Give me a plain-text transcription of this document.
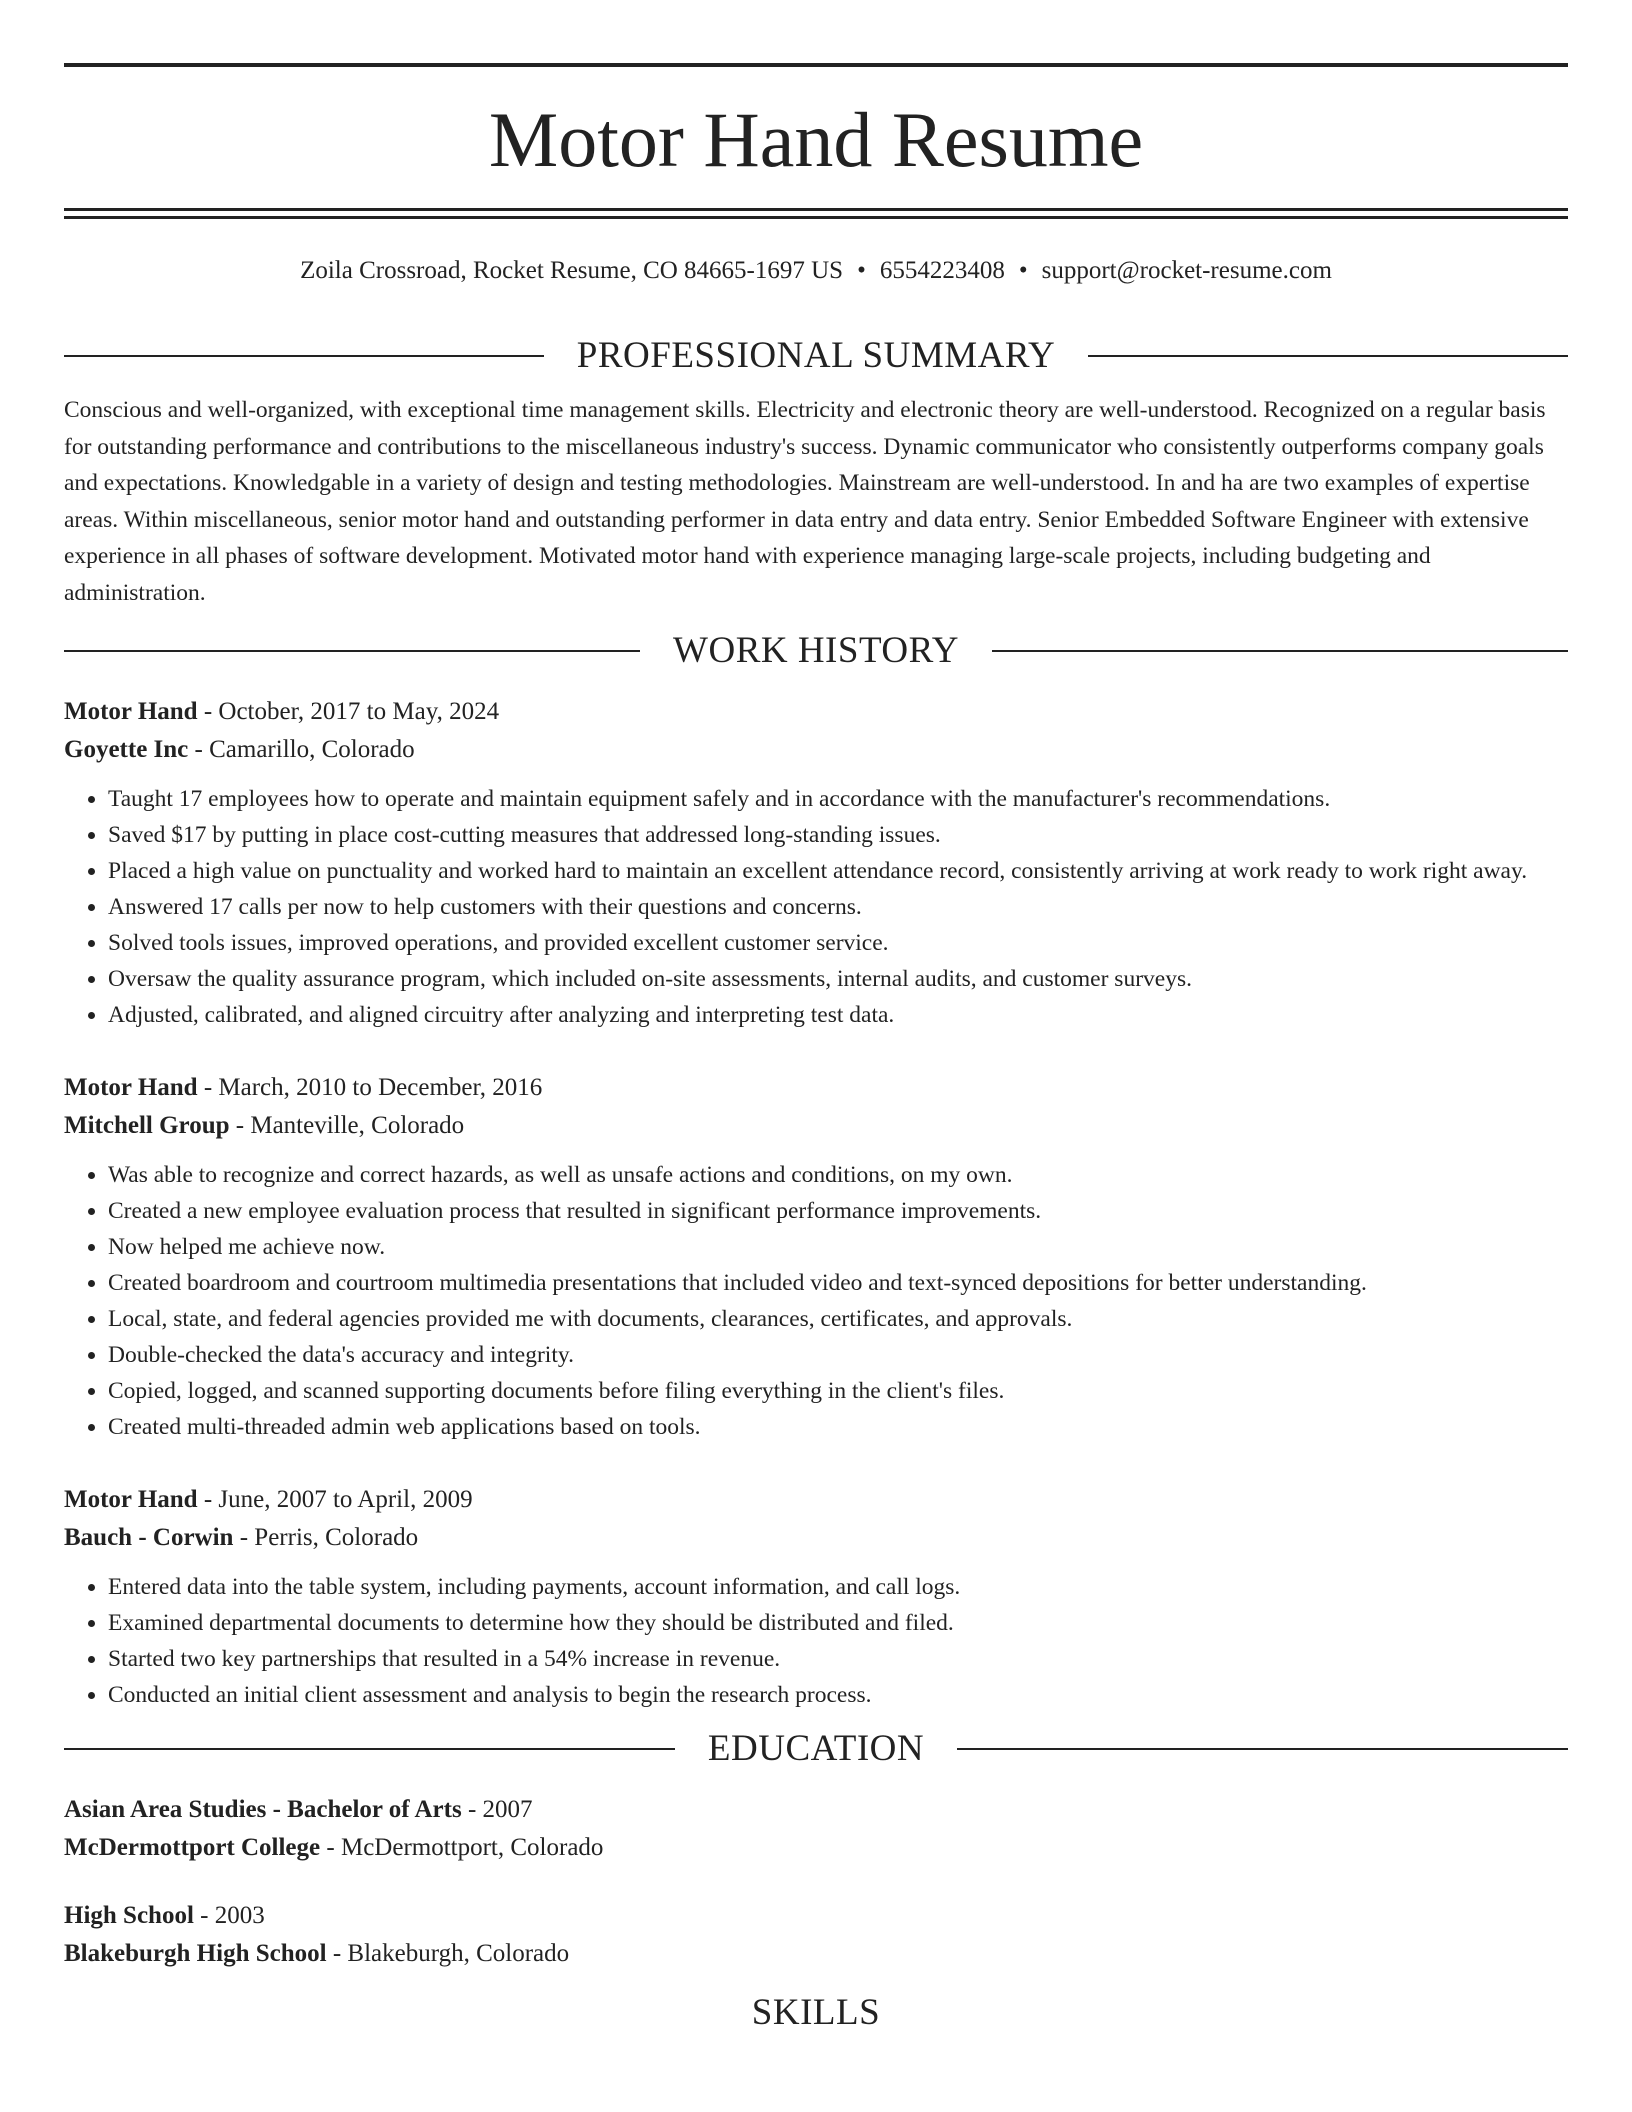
Motor Hand Resume
Zoila Crossroad, Rocket Resume, CO 84665-1697 US • 6554223408 • support@rocket-resume.com
PROFESSIONAL SUMMARY

Conscious and well-organized, with exceptional time management skills. Electricity and electronic theory are well-understood. Recognized on a regular basis for outstanding performance and contributions to the miscellaneous industry's success. Dynamic communicator who consistently outperforms company goals and expectations. Knowledgable in a variety of design and testing methodologies. Mainstream are well-understood. In and ha are two examples of expertise areas. Within miscellaneous, senior motor hand and outstanding performer in data entry and data entry. Senior Embedded Software Engineer with extensive experience in all phases of software development. Motivated motor hand with experience managing large-scale projects, including budgeting and administration.

WORK HISTORY
Motor Hand - October, 2017 to May, 2024
Goyette Inc - Camarillo, Colorado
• Taught 17 employees how to operate and maintain equipment safely and in accordance with the manufacturer's recommendations.
• Saved $17 by putting in place cost-cutting measures that addressed long-standing issues.
• Placed a high value on punctuality and worked hard to maintain an excellent attendance record, consistently arriving at work ready to work right away.
• Answered 17 calls per now to help customers with their questions and concerns.
• Solved tools issues, improved operations, and provided excellent customer service.
• Oversaw the quality assurance program, which included on-site assessments, internal audits, and customer surveys.
• Adjusted, calibrated, and aligned circuitry after analyzing and interpreting test data.
Motor Hand - March, 2010 to December, 2016
Mitchell Group - Manteville, Colorado
• Was able to recognize and correct hazards, as well as unsafe actions and conditions, on my own.
• Created a new employee evaluation process that resulted in significant performance improvements.
• Now helped me achieve now.
• Created boardroom and courtroom multimedia presentations that included video and text-synced depositions for better understanding.
• Local, state, and federal agencies provided me with documents, clearances, certificates, and approvals.
• Double-checked the data's accuracy and integrity.
• Copied, logged, and scanned supporting documents before filing everything in the client's files.
• Created multi-threaded admin web applications based on tools.
Motor Hand - June, 2007 to April, 2009
Bauch - Corwin - Perris, Colorado
• Entered data into the table system, including payments, account information, and call logs.
• Examined departmental documents to determine how they should be distributed and filed.
• Started two key partnerships that resulted in a 54% increase in revenue.
• Conducted an initial client assessment and analysis to begin the research process.
EDUCATION
Asian Area Studies - Bachelor of Arts - 2007
McDermottport College - McDermottport, Colorado
High School - 2003
Blakeburgh High School - Blakeburgh, Colorado
SKILLS
